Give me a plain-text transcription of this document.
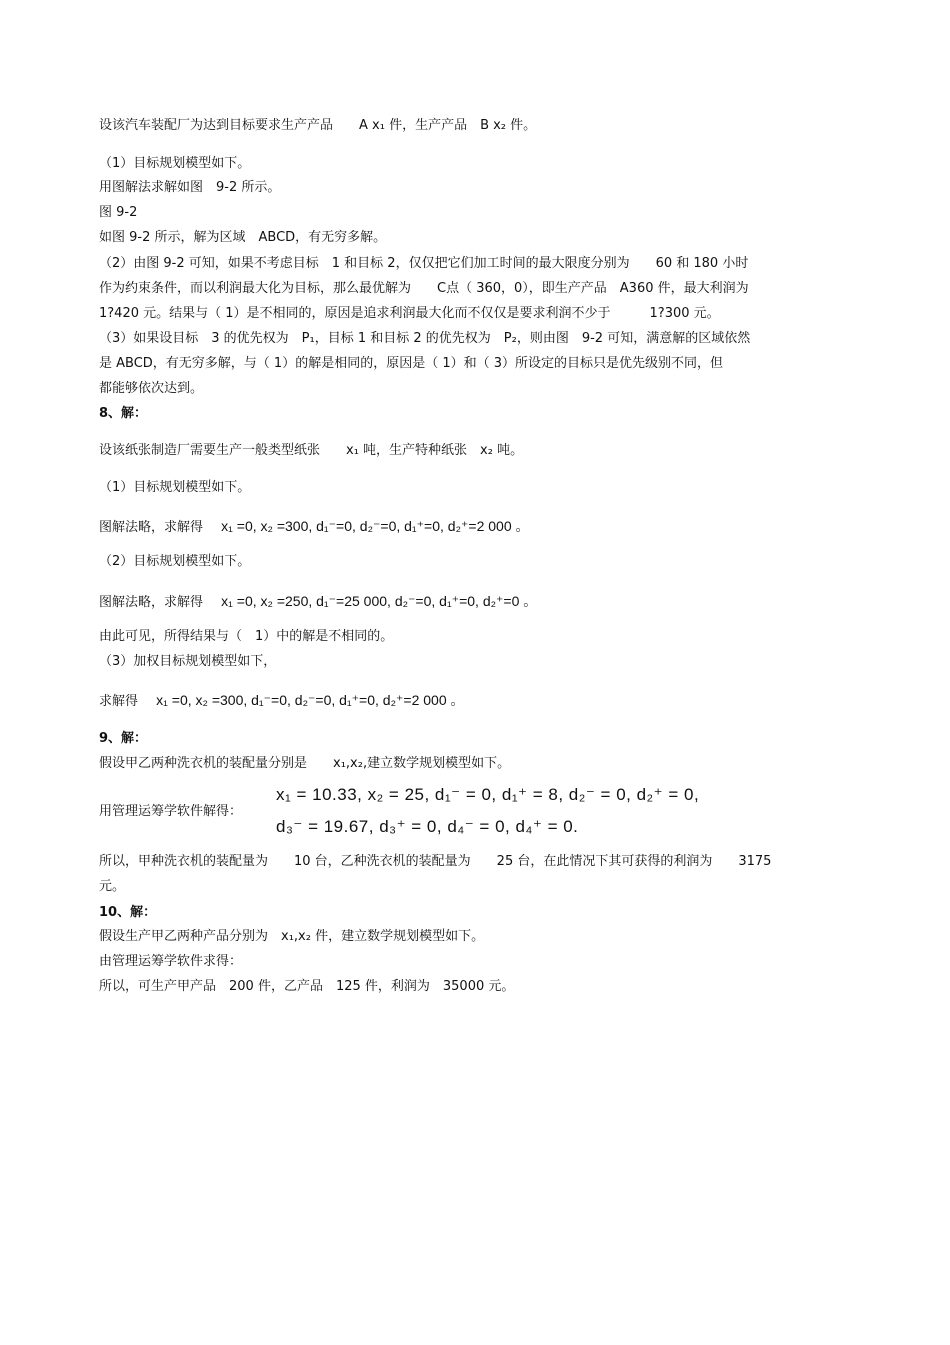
设该汽车装配厂为达到目标要求生产产品　　A x₁ 件，生产产品　B x₂ 件。
（1）目标规划模型如下。
用图解法求解如图　9-2 所示。
图 9-2
如图 9-2 所示，解为区域　ABCD，有无穷多解。
（2）由图 9-2 可知，如果不考虑目标　1 和目标 2，仅仅把它们加工时间的最大限度分别为　　60 和 180 小时
作为约束条件，而以利润最大化为目标，那么最优解为　　C点（ 360，0），即生产产品　A360 件，最大利润为
1?420 元。结果与（ 1）是不相同的，原因是追求利润最大化而不仅仅是要求利润不少于　　　1?300 元。
（3）如果设目标　3 的优先权为　P₁，目标 1 和目标 2 的优先权为　P₂，则由图　9-2 可知，满意解的区域依然
是 ABCD，有无穷多解，与（ 1）的解是相同的，原因是（ 1）和（ 3）所设定的目标只是优先级别不同，但
都能够依次达到。
8、解：
设该纸张制造厂需要生产一般类型纸张　　x₁ 吨，生产特种纸张　x₂ 吨。
（1）目标规划模型如下。
图解法略，求解得 x₁ =0, x₂ =300, d₁⁻=0, d₂⁻=0, d₁⁺=0, d₂⁺=2 000 。
（2）目标规划模型如下。
图解法略，求解得 x₁ =0, x₂ =250, d₁⁻=25 000, d₂⁻=0, d₁⁺=0, d₂⁺=0 。
由此可见，所得结果与（　1）中的解是不相同的。
（3）加权目标规划模型如下，
求解得 x₁ =0, x₂ =300, d₁⁻=0, d₂⁻=0, d₁⁺=0, d₂⁺=2 000 。
9、解：
假设甲乙两种洗衣机的装配量分别是　　x₁,x₂,建立数学规划模型如下。
用管理运筹学软件解得：
x₁ = 10.33, x₂ = 25, d₁⁻ = 0, d₁⁺ = 8, d₂⁻ = 0, d₂⁺ = 0,
d₃⁻ = 19.67, d₃⁺ = 0, d₄⁻ = 0, d₄⁺ = 0.
所以，甲种洗衣机的装配量为　　10 台，乙种洗衣机的装配量为　　25 台，在此情况下其可获得的利润为　　3175
元。
10、解：
假设生产甲乙两种产品分别为　x₁,x₂ 件，建立数学规划模型如下。
由管理运筹学软件求得：
所以，可生产甲产品　200 件，乙产品　125 件，利润为　35000 元。
